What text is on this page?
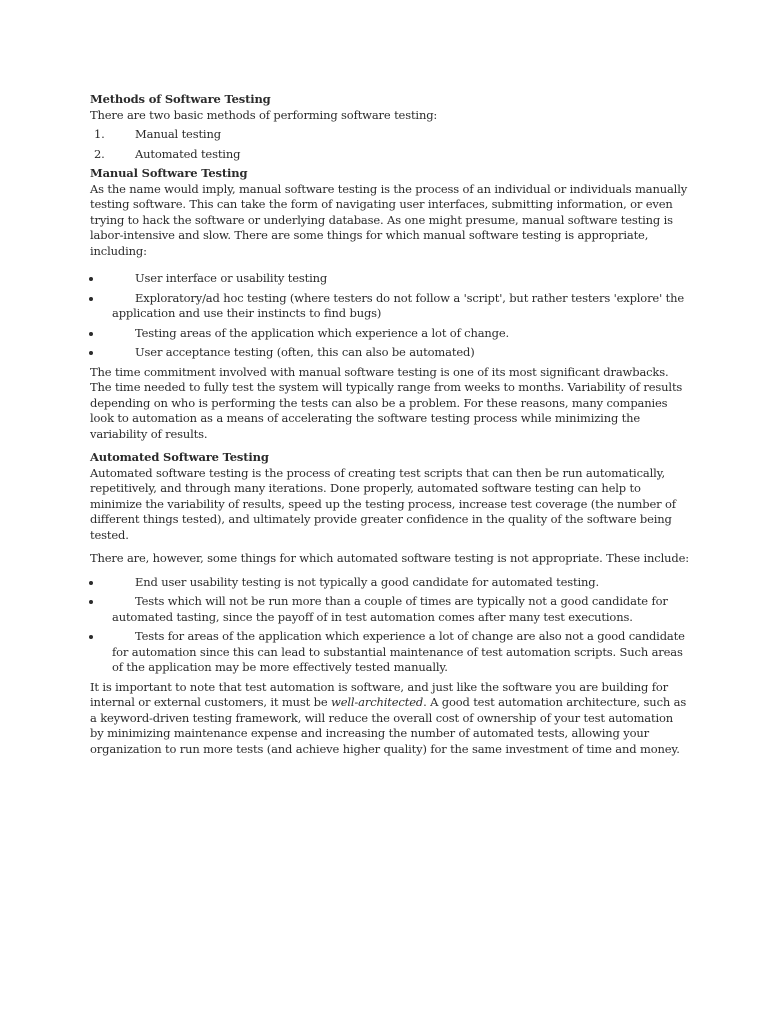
Methods of Software Testing

There are two basic methods of performing software testing:

1.	Manual testing
2.	Automated testing

Manual Software Testing

As the name would imply, manual software testing is the process of an individual or individuals manually testing software. This can take the form of navigating user interfaces, submitting information, or even trying to hack the software or underlying database. As one might presume, manual software testing is labor-intensive and slow. There are some things for which manual software testing is appropriate, including:

User interface or usability testing
Exploratory/ad hoc testing (where testers do not follow a 'script', but rather testers 'explore' the application and use their instincts to find bugs)
Testing areas of the application which experience a lot of change.
User acceptance testing (often, this can also be automated)

The time commitment involved with manual software testing is one of its most significant drawbacks. The time needed to fully test the system will typically range from weeks to months. Variability of results depending on who is performing the tests can also be a problem. For these reasons, many companies look to automation as a means of accelerating the software testing process while minimizing the variability of results.

Automated Software Testing

Automated software testing is the process of creating test scripts that can then be run automatically, repetitively, and through many iterations. Done properly, automated software testing can help to minimize the variability of results, speed up the testing process, increase test coverage (the number of different things tested), and ultimately provide greater confidence in the quality of the software being tested.

There are, however, some things for which automated software testing is not appropriate. These include:

End user usability testing is not typically a good candidate for automated testing.
Tests which will not be run more than a couple of times are typically not a good candidate for automated tasting, since the payoff of in test automation comes after many test executions.
Tests for areas of the application which experience a lot of change are also not a good candidate for automation since this can lead to substantial maintenance of test automation scripts. Such areas of the application may be more effectively tested manually.

It is important to note that test automation is software, and just like the software you are building for internal or external customers, it must be well-architected. A good test automation architecture, such as a keyword-driven testing framework, will reduce the overall cost of ownership of your test automation by minimizing maintenance expense and increasing the number of automated tests, allowing your organization to run more tests (and achieve higher quality) for the same investment of time and money.
